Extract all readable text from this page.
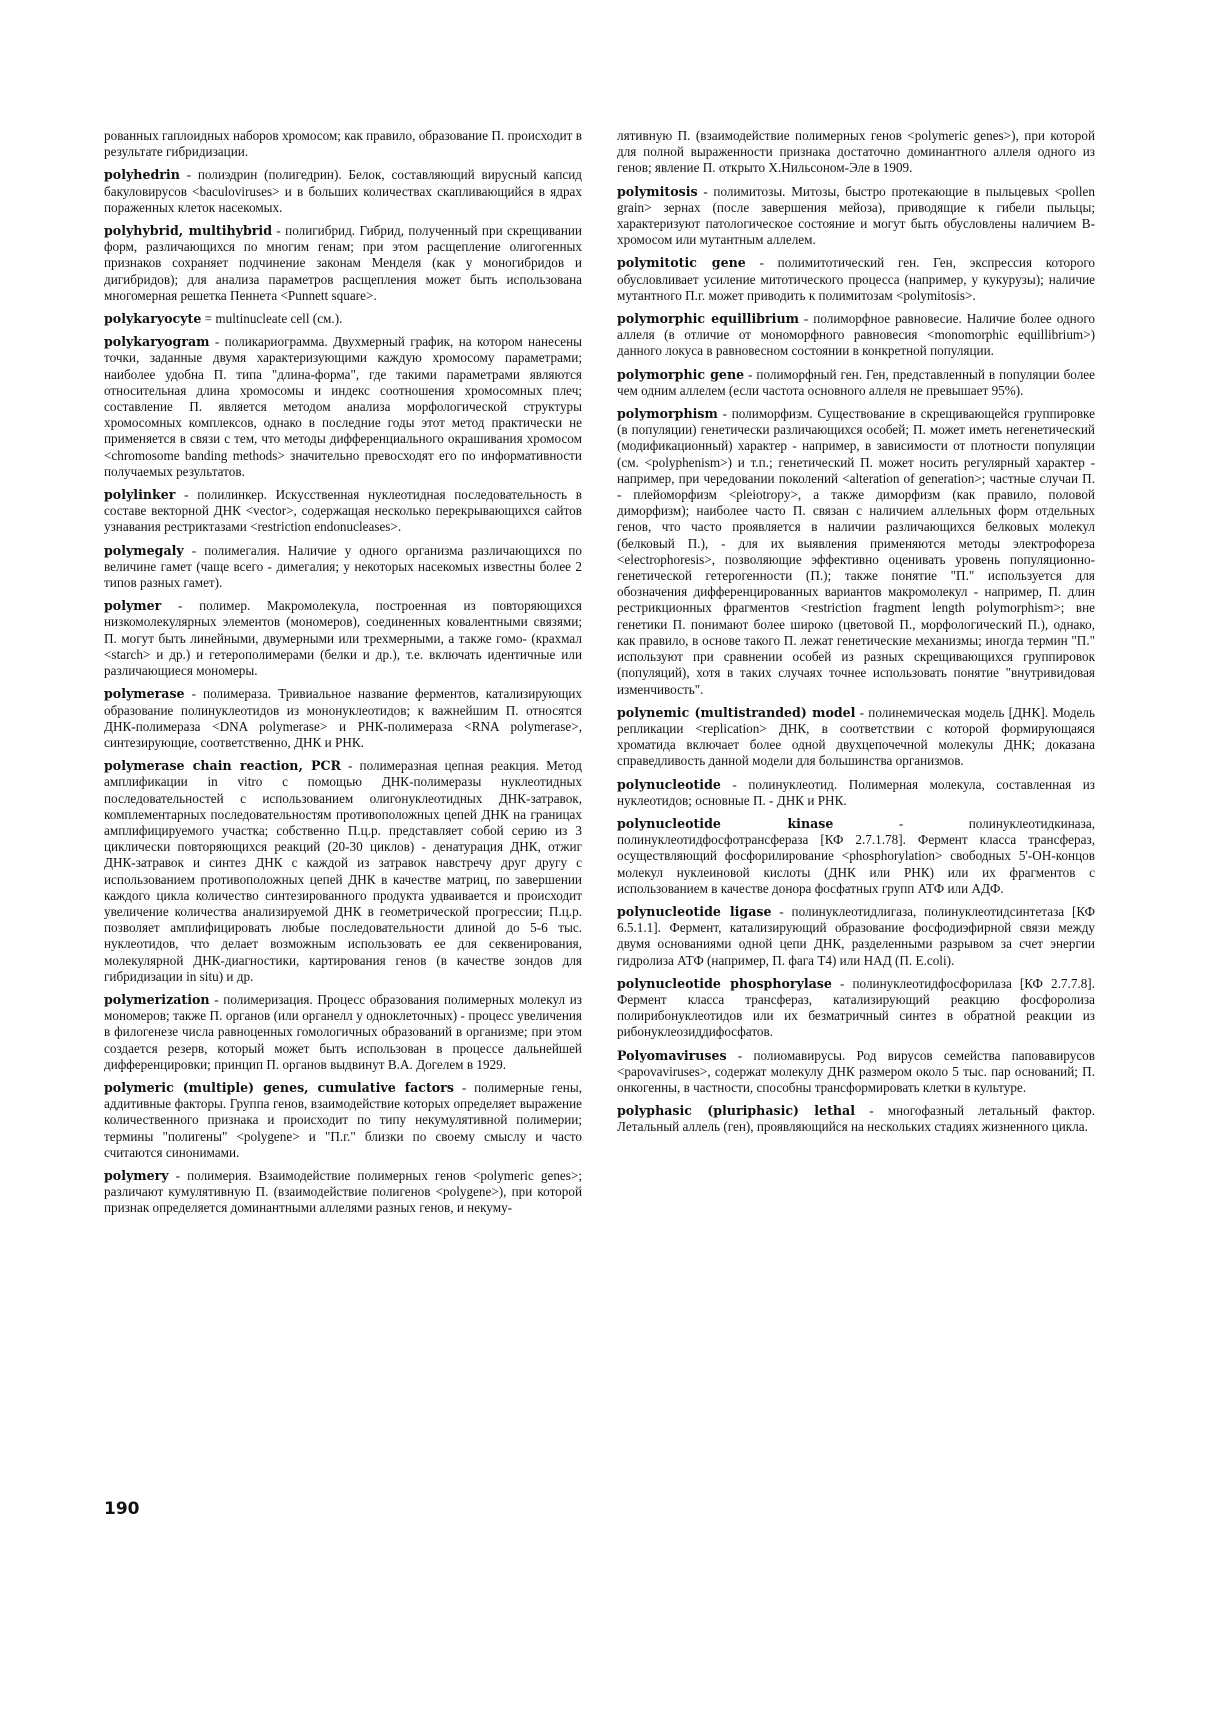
рованных гаплоидных наборов хромосом; как правило, образование П. происходит в результате гибридизации.

polyhedrin - полиэдрин (полигедрин). Белок, составляющий вирусный капсид бакуловирусов <baculoviruses> и в больших количествах скапливающийся в ядрах пораженных клеток насекомых.

polyhybrid, multihybrid - полигибрид. Гибрид, полученный при скрещивании форм, различающихся по многим генам; при этом расщепление олигогенных признаков сохраняет подчинение законам Менделя (как у моногибридов и дигибридов); для анализа параметров расщепления может быть использована многомерная решетка Пеннета <Punnett square>.

polykaryocyte = multinucleate cell (см.).

polykaryogram - поликариограмма. Двухмерный график, на котором нанесены точки, заданные двумя характеризующими каждую хромосому параметрами; наиболее удобна П. типа "длина-форма", где такими параметрами являются относительная длина хромосомы и индекс соотношения хромосомных плеч; составление П. является методом анализа морфологической структуры хромосомных комплексов, однако в последние годы этот метод практически не применяется в связи с тем, что методы дифференциального окрашивания хромосом <chromosome banding methods> значительно превосходят его по информативности получаемых результатов.

polylinker - полилинкер. Искусственная нуклеотидная последовательность в составе векторной ДНК <vector>, содержащая несколько перекрывающихся сайтов узнавания рестриктазами <restriction endonucleases>.

polymegaly - полимегалия. Наличие у одного организма различающихся по величине гамет (чаще всего - димегалия; у некоторых насекомых известны более 2 типов разных гамет).

polymer - полимер. Макромолекула, построенная из повторяющихся низкомолекулярных элементов (мономеров), соединенных ковалентными связями; П. могут быть линейными, двумерными или трехмерными, а также гомо- (крахмал <starch> и др.) и гетерополимерами (белки и др.), т.е. включать идентичные или различающиеся мономеры.

polymerase - полимераза. Тривиальное название ферментов, катализирующих образование полинуклеотидов из мононуклеотидов; к важнейшим П. относятся ДНК-полимераза <DNA polymerase> и РНК-полимераза <RNA polymerase>, синтезирующие, соответственно, ДНК и РНК.

polymerase chain reaction, PCR - полимеразная цепная реакция. Метод амплификации in vitro с помощью ДНК-полимеразы нуклеотидных последовательностей с использованием олигонуклеотидных ДНК-затравок, комплементарных последовательностям противоположных цепей ДНК на границах амплифицируемого участка; собственно П.ц.р. представляет собой серию из 3 циклически повторяющихся реакций (20-30 циклов) - денатурация ДНК, отжиг ДНК-затравок и синтез ДНК с каждой из затравок навстречу друг другу с использованием противоположных цепей ДНК в качестве матриц, по завершении каждого цикла количество синтезированного продукта удваивается и происходит увеличение количества анализируемой ДНК в геометрической прогрессии; П.ц.р. позволяет амплифицировать любые последовательности длиной до 5-6 тыс. нуклеотидов, что делает возможным использовать ее для секвенирования, молекулярной ДНК-диагностики, картирования генов (в качестве зондов для гибридизации in situ) и др.

polymerization - полимеризация. Процесс образования полимерных молекул из мономеров; также П. органов (или органелл у одноклеточных) - процесс увеличения в филогенезе числа равноценных гомологичных образований в организме; при этом создается резерв, который может быть использован в процессе дальнейшей дифференцировки; принцип П. органов выдвинут В.А. Догелем в 1929.

polymeric (multiple) genes, cumulative factors - полимерные гены, аддитивные факторы. Группа генов, взаимодействие которых определяет выражение количественного признака и происходит по типу некумулятивной полимерии; термины "полигены" <polygene> и "П.г." близки по своему смыслу и часто считаются синонимами.

polymery - полимерия. Взаимодействие полимерных генов <polymeric genes>; различают кумулятивную П. (взаимодействие полигенов <polygene>), при которой признак определяется доминантными аллелями разных генов, и некуму-

лятивную П. (взаимодействие полимерных генов <polymeric genes>), при которой для полной выраженности признака достаточно доминантного аллеля одного из генов; явление П. открыто Х.Нильсоном-Эле в 1909.

polymitosis - полимитозы. Митозы, быстро протекающие в пыльцевых <pollen grain> зернах (после завершения мейоза), приводящие к гибели пыльцы; характеризуют патологическое состояние и могут быть обусловлены наличием В-хромосом или мутантным аллелем.

polymitotic gene - полимитотический ген. Ген, экспрессия которого обусловливает усиление митотического процесса (например, у кукурузы); наличие мутантного П.г. может приводить к полимитозам <polymitosis>.

polymorphic equillibrium - полиморфное равновесие. Наличие более одного аллеля (в отличие от мономорфного равновесия <monomorphic equillibrium>) данного локуса в равновесном состоянии в конкретной популяции.

polymorphic gene - полиморфный ген. Ген, представленный в популяции более чем одним аллелем (если частота основного аллеля не превышает 95%).

polymorphism - полиморфизм. Существование в скрещивающейся группировке (в популяции) генетически различающихся особей; П. может иметь негенетический (модификационный) характер - например, в зависимости от плотности популяции (см. <polyphenism>) и т.п.; генетический П. может носить регулярный характер - например, при чередовании поколений <alteration of generation>; частные случаи П. - плейоморфизм <pleiotropy>, а также диморфизм (как правило, половой диморфизм); наиболее часто П. связан с наличием аллельных форм отдельных генов, что часто проявляется в наличии различающихся белковых молекул (белковый П.), - для их выявления применяются методы электрофореза <electrophoresis>, позволяющие эффективно оценивать уровень популяционно-генетической гетерогенности (П.); также понятие "П." используется для обозначения дифференцированных вариантов макромолекул - например, П. длин рестрикционных фрагментов <restriction fragment length polymorphism>; вне генетики П. понимают более широко (цветовой П., морфологический П.), однако, как правило, в основе такого П. лежат генетические механизмы; иногда термин "П." используют при сравнении особей из разных скрещивающихся группировок (популяций), хотя в таких случаях точнее использовать понятие "внутривидовая изменчивость".

polynemic (multistranded) model - полинемическая модель [ДНК]. Модель репликации <replication> ДНК, в соответствии с которой формирующаяся хроматида включает более одной двухцепочечной молекулы ДНК; доказана справедливость данной модели для большинства организмов.

polynucleotide - полинуклеотид. Полимерная молекула, составленная из нуклеотидов; основные П. - ДНК и РНК.

polynucleotide kinase - полинуклеотидкиназа, полинуклеотидфосфотрансфераза [КФ 2.7.1.78]. Фермент класса трансфераз, осуществляющий фосфорилирование <phosphorylation> свободных 5'-ОН-концов молекул нуклеиновой кислоты (ДНК или РНК) или их фрагментов с использованием в качестве донора фосфатных групп АТФ или АДФ.

polynucleotide ligase - полинуклеотидлигаза, полинуклеотидсинтетаза [КФ 6.5.1.1]. Фермент, катализирующий образование фосфодиэфирной связи между двумя основаниями одной цепи ДНК, разделенными разрывом за счет энергии гидролиза АТФ (например, П. фага Т4) или НАД (П. E.coli).

polynucleotide phosphorylase - полинуклеотидфосфорилаза [КФ 2.7.7.8]. Фермент класса трансфераз, катализирующий реакцию фосфоролиза полирибонуклеотидов или их безматричный синтез в обратной реакции из рибонуклеозиддифосфатов.

Polyomaviruses - полиомавирусы. Род вирусов семейства паповавирусов <papovaviruses>, содержат молекулу ДНК размером около 5 тыс. пар оснований; П. онкогенны, в частности, способны трансформировать клетки в культуре.

polyphasic (pluriphasic) lethal - многофазный летальный фактор. Летальный аллель (ген), проявляющийся на нескольких стадиях жизненного цикла.

190
